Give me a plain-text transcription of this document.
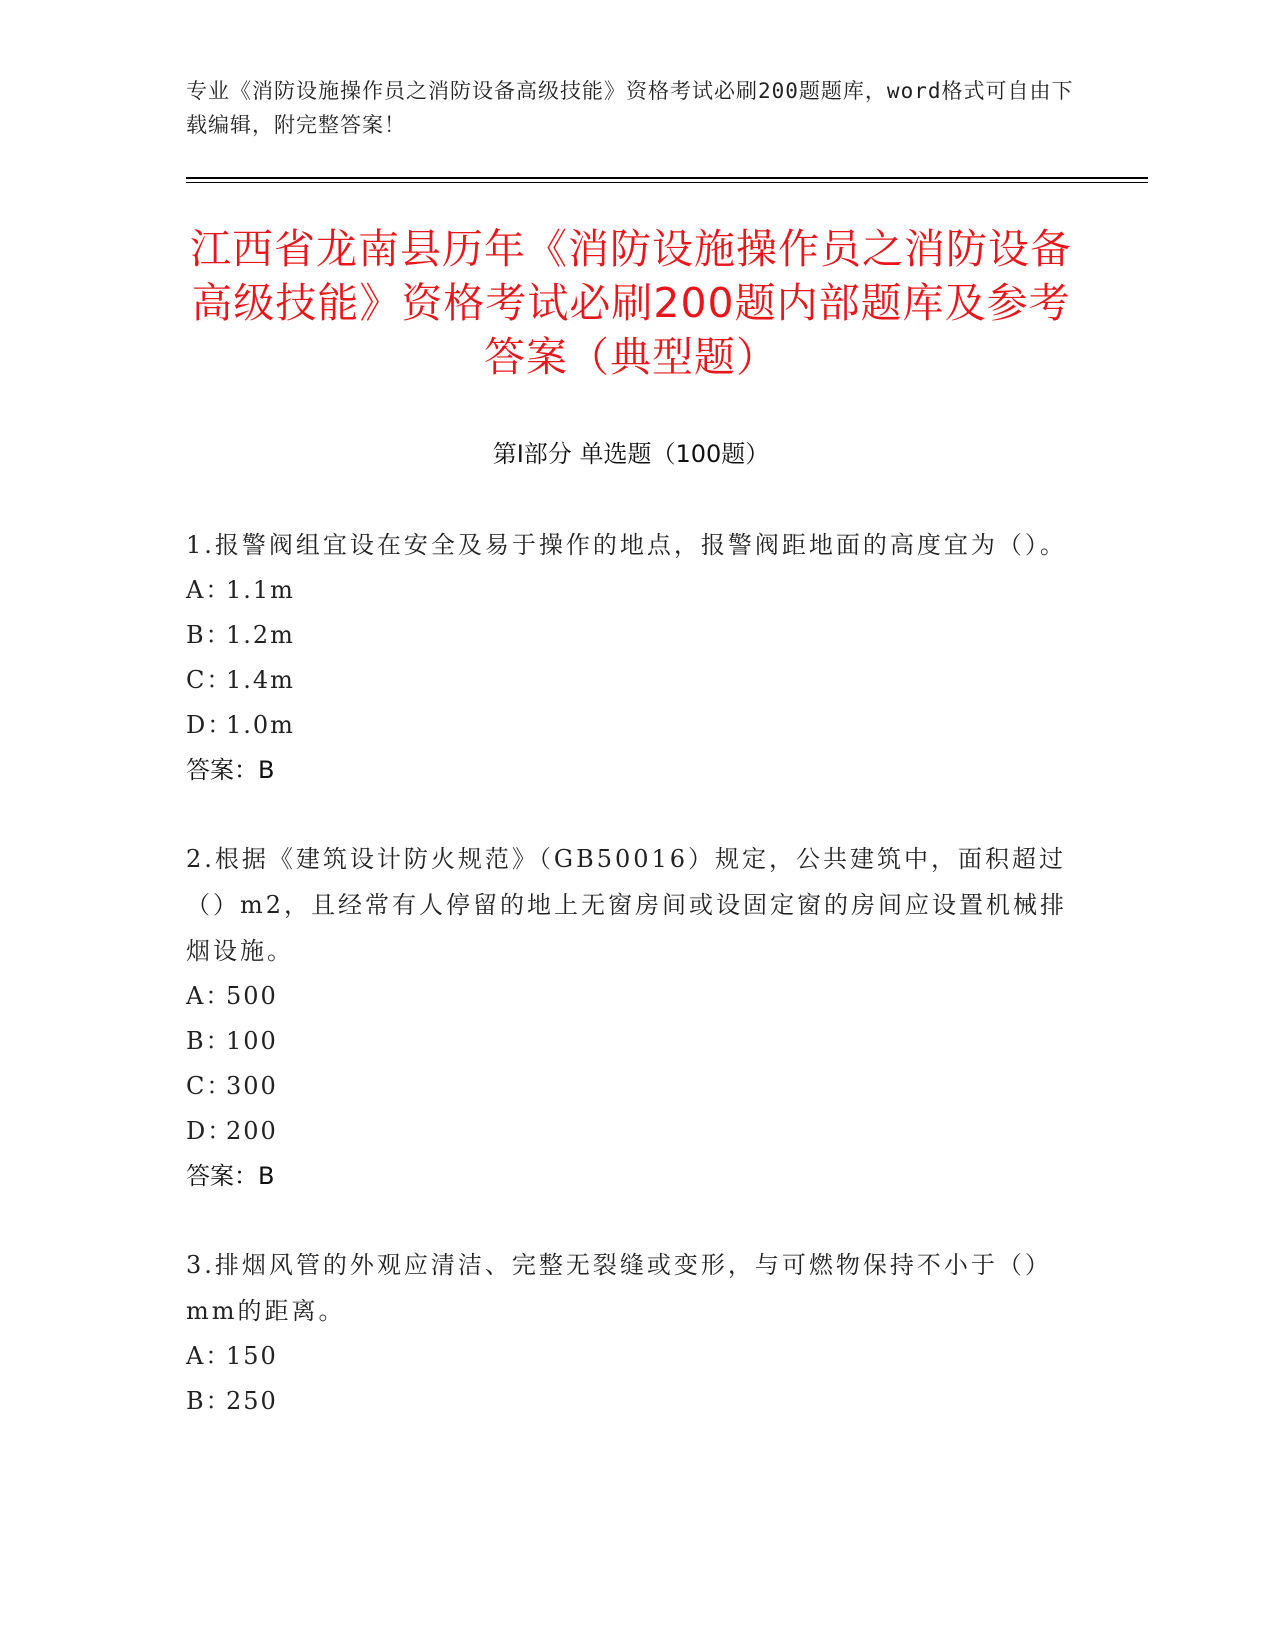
专业《消防设施操作员之消防设备高级技能》资格考试必刷200题题库，word格式可自由下载编辑，附完整答案！
江西省龙南县历年《消防设施操作员之消防设备高级技能》资格考试必刷200题内部题库及参考答案（典型题）
第Ⅰ部分 单选题（100题）
1.报警阀组宜设在安全及易于操作的地点，报警阀距地面的高度宜为（）。
A：1.1m
B：1.2m
C：1.4m
D：1.0m
答案：B
2.根据《建筑设计防火规范》（GB50016）规定，公共建筑中，面积超过（）m2，且经常有人停留的地上无窗房间或设固定窗的房间应设置机械排烟设施。
A：500
B：100
C：300
D：200
答案：B
3.排烟风管的外观应清洁、完整无裂缝或变形，与可燃物保持不小于（）mm的距离。
A：150
B：250
